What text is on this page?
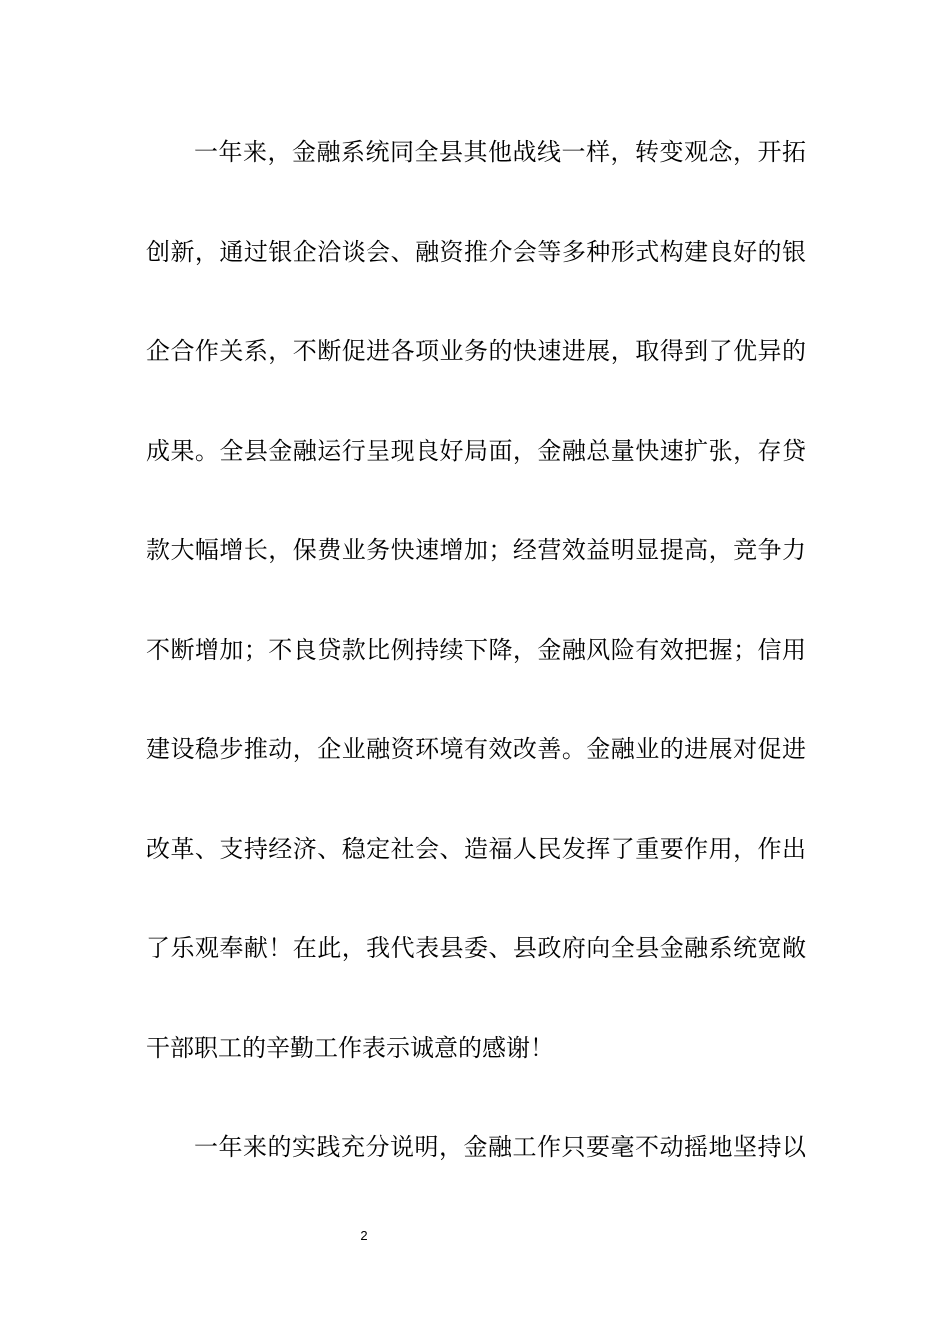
一年来，金融系统同全县其他战线一样，转变观念，开拓
创新，通过银企洽谈会、融资推介会等多种形式构建良好的银
企合作关系，不断促进各项业务的快速进展，取得到了优异的
成果。全县金融运行呈现良好局面，金融总量快速扩张，存贷
款大幅增长，保费业务快速增加；经营效益明显提高，竞争力
不断增加；不良贷款比例持续下降，金融风险有效把握；信用
建设稳步推动，企业融资环境有效改善。金融业的进展对促进
改革、支持经济、稳定社会、造福人民发挥了重要作用，作出
了乐观奉献！在此，我代表县委、县政府向全县金融系统宽敞
干部职工的辛勤工作表示诚意的感谢！
一年来的实践充分说明，金融工作只要毫不动摇地坚持以
2
